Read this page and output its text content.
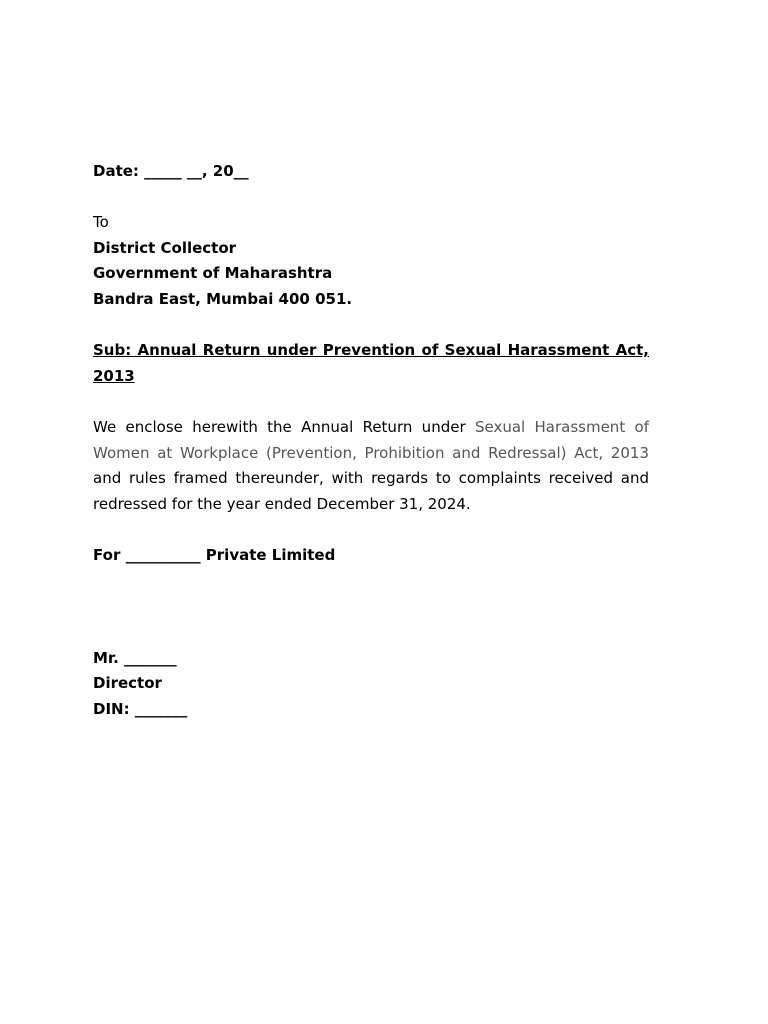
Date: _____ __, 20__
To
District Collector
Government of Maharashtra
Bandra East, Mumbai 400 051.

Sub: Annual Return under Prevention of Sexual Harassment Act, 2013

We enclose herewith the Annual Return under Sexual Harassment of Women at Workplace (Prevention, Prohibition and Redressal) Act, 2013 and rules framed thereunder, with regards to complaints received and redressed for the year ended December 31, 2024.

For __________ Private Limited
Mr. _______
Director
DIN: _______
